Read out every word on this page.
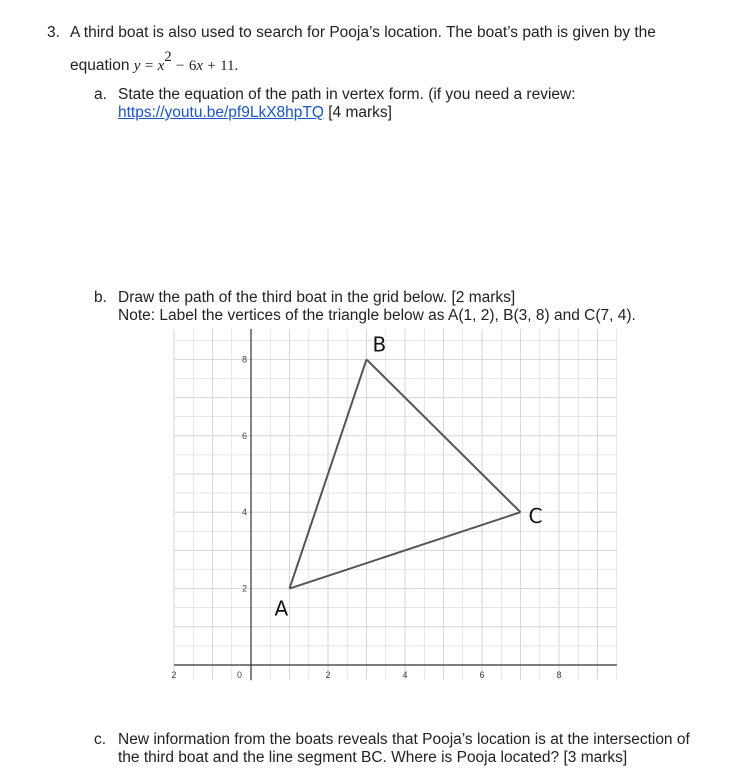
3. A third boat is also used to search for Pooja’s location. The boat’s path is given by the
equation $y = x^2 - 6x + 11$.
a. State the equation of the path in vertex form. (if you need a review:
https://youtu.be/pf9LkX8hpTQ [4 marks]
b. Draw the path of the third boat in the grid below. [2 marks]
Note: Label the vertices of the triangle below as A(1, 2), B(3, 8) and C(7, 4).
2	2	4	6	8
0
2
4
6
8
A
B
C
c. New information from the boats reveals that Pooja’s location is at the intersection of
the third boat and the line segment BC. Where is Pooja located? [3 marks]
